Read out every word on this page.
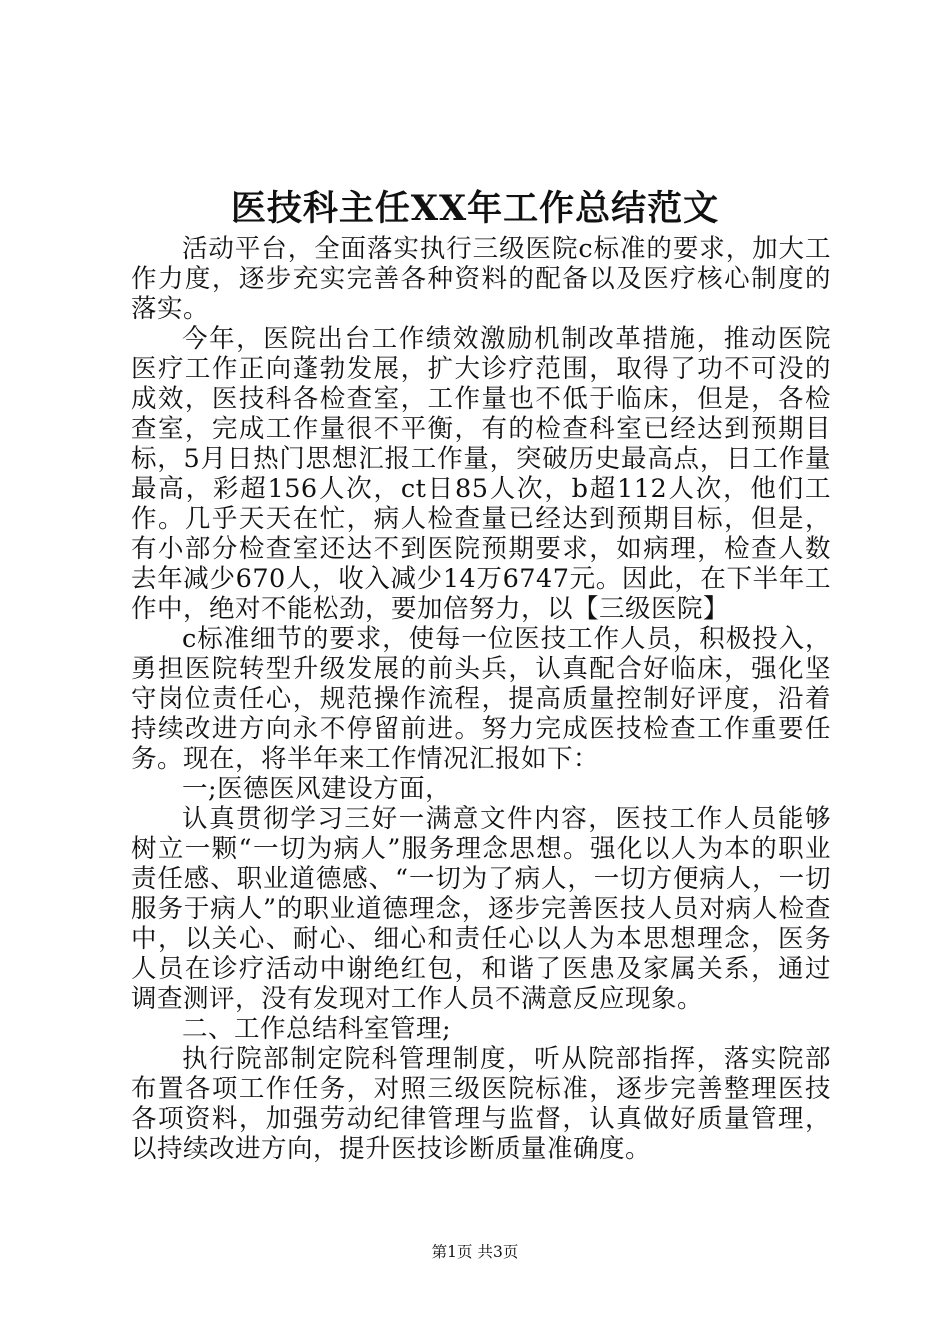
医技科主任XX年工作总结范文

活动平台，全面落实执行三级医院c标准的要求，加大工作力度，逐步充实完善各种资料的配备以及医疗核心制度的落实。

今年，医院出台工作绩效激励机制改革措施，推动医院医疗工作正向蓬勃发展，扩大诊疗范围，取得了功不可没的成效，医技科各检查室，工作量也不低于临床，但是，各检查室，完成工作量很不平衡，有的检查科室已经达到预期目标，5月日热门思想汇报工作量，突破历史最高点，日工作量最高，彩超156人次，ct日85人次，b超112人次，他们工作。几乎天天在忙，病人检查量已经达到预期目标，但是，有小部分检查室还达不到医院预期要求，如病理，检查人数去年减少670人，收入减少14万6747元。因此，在下半年工作中，绝对不能松劲，要加倍努力，以【三级医院】

c标准细节的要求，使每一位医技工作人员，积极投入，勇担医院转型升级发展的前头兵，认真配合好临床，强化坚守岗位责任心，规范操作流程，提高质量控制好评度，沿着持续改进方向永不停留前进。努力完成医技检查工作重要任务。现在，将半年来工作情况汇报如下：

一;医德医风建设方面，

认真贯彻学习三好一满意文件内容，医技工作人员能够树立一颗“一切为病人”服务理念思想。强化以人为本的职业责任感、职业道德感、“一切为了病人，一切方便病人，一切服务于病人”的职业道德理念，逐步完善医技人员对病人检查中，以关心、耐心、细心和责任心以人为本思想理念，医务人员在诊疗活动中谢绝红包，和谐了医患及家属关系，通过调查测评，没有发现对工作人员不满意反应现象。

二、工作总结科室管理;

执行院部制定院科管理制度，听从院部指挥，落实院部布置各项工作任务，对照三级医院标准，逐步完善整理医技各项资料，加强劳动纪律管理与监督，认真做好质量管理，以持续改进方向，提升医技诊断质量准确度。

第1页 共3页
